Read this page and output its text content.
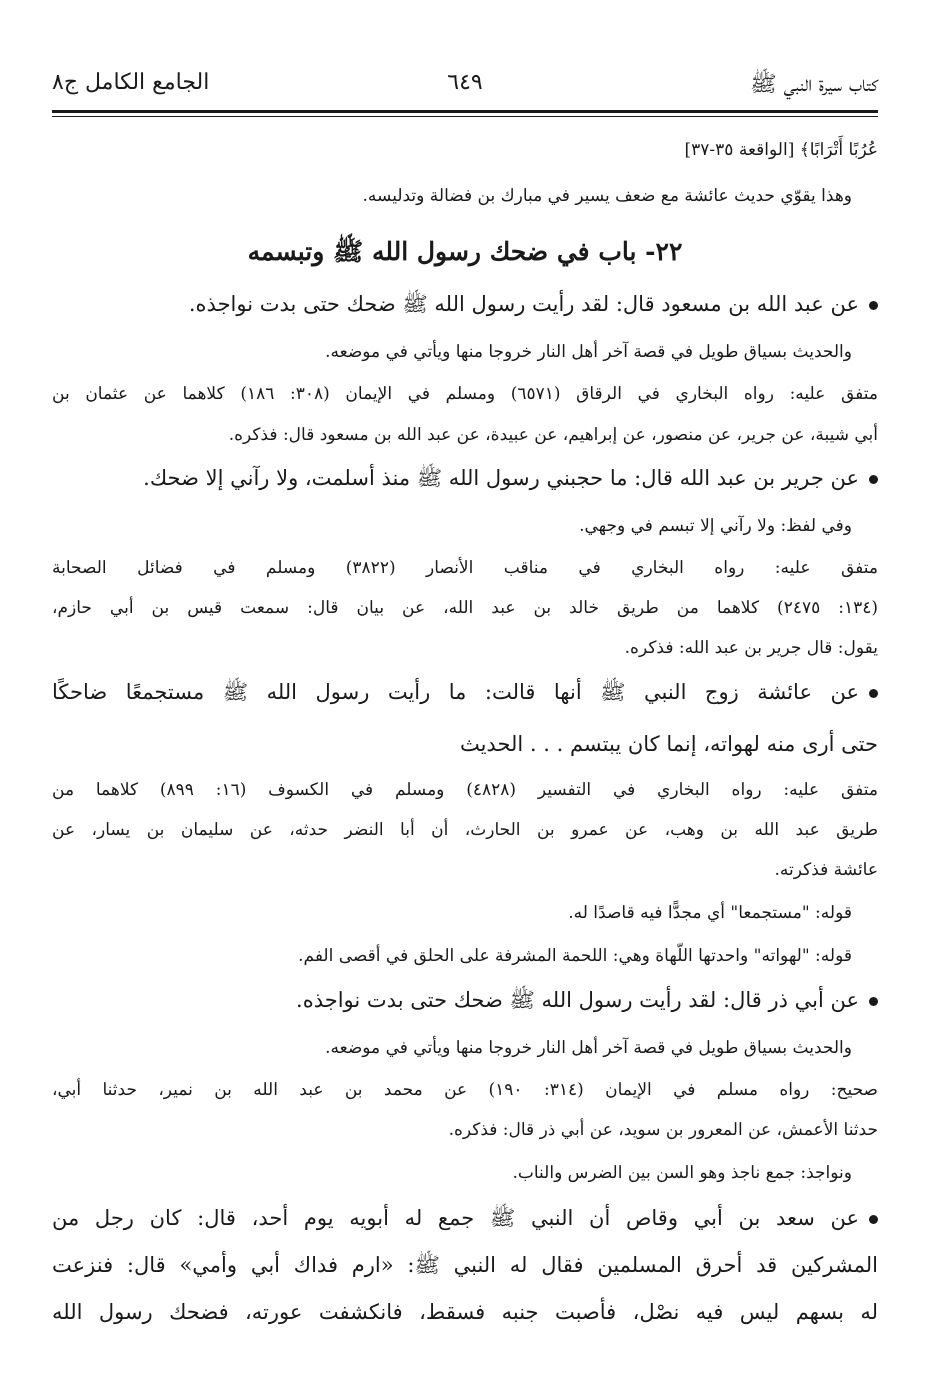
كتاب سيرة النبي ﷺ
٦٤٩
الجامع الكامل ج٨
عُرُبًا أَتْرَابًا﴾ [الواقعة ٣٥-٣٧]
وهذا يقوّي حديث عائشة مع ضعف يسير في مبارك بن فضالة وتدليسه.
٢٢- باب في ضحك رسول الله ﷺ وتبسمه
عن عبد الله بن مسعود قال: لقد رأيت رسول الله ﷺ ضحك حتى بدت نواجذه.
والحديث بسياق طويل في قصة آخر أهل النار خروجا منها ويأتي في موضعه.
متفق عليه: رواه البخاري في الرقاق (٦٥٧١) ومسلم في الإيمان (٣٠٨: ١٨٦) كلاهما عن عثمان بن
أبي شيبة، عن جرير، عن منصور، عن إبراهيم، عن عبيدة، عن عبد الله بن مسعود قال: فذكره.
عن جرير بن عبد الله قال: ما حجبني رسول الله ﷺ منذ أسلمت، ولا رآني إلا ضحك.
وفي لفظ: ولا رآني إلا تبسم في وجهي.
متفق عليه: رواه البخاري في مناقب الأنصار (٣٨٢٢) ومسلم في فضائل الصحابة
(١٣٤: ٢٤٧٥) كلاهما من طريق خالد بن عبد الله، عن بيان قال: سمعت قيس بن أبي حازم،
يقول: قال جرير بن عبد الله: فذكره.
عن عائشة زوج النبي ﷺ أنها قالت: ما رأيت رسول الله ﷺ مستجمعًا ضاحكًا
حتى أرى منه لهواته، إنما كان يبتسم . . . الحديث
متفق عليه: رواه البخاري في التفسير (٤٨٢٨) ومسلم في الكسوف (١٦: ٨٩٩) كلاهما من
طريق عبد الله بن وهب، عن عمرو بن الحارث، أن أبا النضر حدثه، عن سليمان بن يسار، عن
عائشة فذكرته.
قوله: "مستجمعا" أي مجدًّا فيه قاصدًا له.
قوله: "لهواته" واحدتها اللّهاة وهي: اللحمة المشرفة على الحلق في أقصى الفم.
عن أبي ذر قال: لقد رأيت رسول الله ﷺ ضحك حتى بدت نواجذه.
والحديث بسياق طويل في قصة آخر أهل النار خروجا منها ويأتي في موضعه.
صحيح: رواه مسلم في الإيمان (٣١٤: ١٩٠) عن محمد بن عبد الله بن نمير، حدثنا أبي،
حدثنا الأعمش، عن المعرور بن سويد، عن أبي ذر قال: فذكره.
ونواجذ: جمع ناجذ وهو السن بين الضرس والناب.
عن سعد بن أبي وقاص أن النبي ﷺ جمع له أبويه يوم أحد، قال: كان رجل من
المشركين قد أحرق المسلمين فقال له النبي ﷺ: «ارم فداك أبي وأمي» قال: فنزعت
له بسهم ليس فيه نصْل، فأصبت جنبه فسقط، فانكشفت عورته، فضحك رسول الله
